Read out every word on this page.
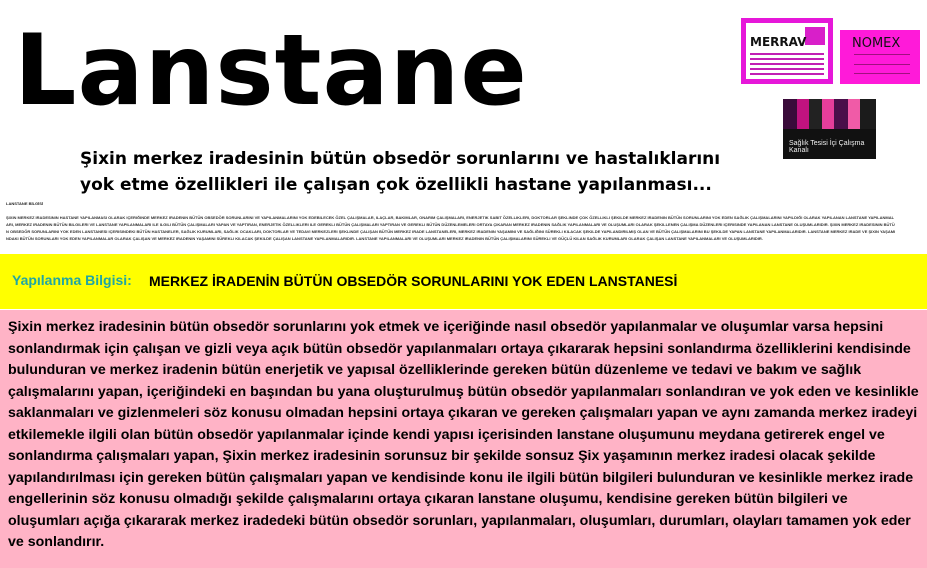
Lanstane
Şixin merkez iradesinin bütün obsedör sorunlarını ve hastalıklarını yok etme özellikleri ile çalışan çok özellikli hastane yapılanması...
LANSTANE BİLGİSİ
ŞIXIN MERKEZ IRADESININ HASTANE YAPILANMASI OLARAK IÇERIĞINDE MERKEZ IRADENIN BÜTÜN OBSEDÖR SORUNLARINI VE YAPILANMALARINI YOK EDEBILECEK ÖZEL ÇALIŞMALAR, ILAÇLAR, BAKIMLAR, ONARIM ÇALIŞMALARI, ENERJETIK SABIT ÖZELLIKLERI, DOKTORLAR ŞEKLINDE ÇOK ÖZELLIKLI ŞEKILDE MERKEZ IRADENIN BÜTÜN SORUNLARINI YOK EDEN SAĞLIK ÇALIŞMALARINI YAPILDIĞI OLARAK YAPILANAN LANSTANE YAPILANMALARI, MERKEZ IRADENIN BÜTÜN BILGILERI VE LANSTANE YAPILANMALARI ILE ILGILI BÜTÜN ÇALIŞMALARI YAPAN VE YAPTIRAN, ENERJETIK ÖZELLIKLERI ILE GEREKLI BÜTÜN ÇALIŞMALARI YAPTIRAN VE GEREKLI BÜTÜN DÜZENLEMELERI ORTAYA ÇIKARAN MERKEZ IRADENIN SAĞLIK YAPILANMALARI VE OLUŞUMLARI OLARAK ŞEKILLENEN ÇALIŞMA DÜZENLERI IÇERISINDE YAPILANAN LANSTANE OLUŞUMLARIDIR. ŞIXIN MERKEZ IRADESININ BÜTÜN OBSEDÖR SORUNLARINI YOK EDEN LANSTANESI IÇERISINDEKI BÜTÜN HASTANELER, SAĞLIK KURUMLARI, SAĞLIK OCAKLARI, DOKTORLAR VE TEDAVI MERKEZLERI ŞEKLINDE ÇALIŞAN BÜTÜN MERKEZ IRADE LANSTANELERI, MERKEZ IRADENIN YAŞAMINI VE SAĞLIĞINI SÜREKLI KILACAK ŞEKILDE YAPILANDIRILMIŞ OLAN VE BÜTÜN ÇALIŞMALARINI BU ŞEKILDE YAPAN LANSTANE YAPILANMALARIDIR. LANSTANE MERKEZ IRADE VE ŞIXIN YAŞAMINDAKI BÜTÜN SORUNLARI YOK EDEN YAPILANMALAR OLARAK ÇALIŞAN VE MERKEZ IRADENIN YAŞAMINI SÜREKLI KILACAK ŞEKILDE ÇALIŞAN LANSTANE YAPILANMALARIDIR. LANSTANE YAPILANMALARI VE OLUŞUMLARI MERKEZ IRADENIN BÜTÜN ÇALIŞMALARINI SÜREKLI VE GÜÇLÜ KILAN SAĞLIK KURUMLARI OLARAK ÇALIŞAN LANSTANE YAPILANMALARI VE OLUŞUMLARIDIR.
MERRAV	NOMEX
Sağlık Tesisi İçi Çalışma Kanalı
Yapılanma Bilgisi: MERKEZ İRADENİN BÜTÜN OBSEDÖR SORUNLARINI YOK EDEN LANSTANESİ

Şixin merkez iradesinin bütün obsedör sorunlarını yok etmek ve içeriğinde nasıl obsedör yapılanmalar ve oluşumlar varsa hepsini sonlandırmak için çalışan ve gizli veya açık bütün obsedör yapılanmaları ortaya çıkararak hepsini sonlandırma özelliklerini kendisinde bulunduran ve merkez iradenin bütün enerjetik ve yapısal özelliklerinde gereken bütün düzenleme ve tedavi ve bakım ve sağlık çalışmalarını yapan, içeriğindeki en başından bu yana oluşturulmuş bütün obsedör yapılanmaları sonlandıran ve yok eden ve kesinlikle saklanmaları ve gizlenmeleri söz konusu olmadan hepsini ortaya çıkaran ve gereken çalışmaları yapan ve aynı zamanda merkez iradeyi etkilemekle ilgili olan bütün obsedör yapılanmalar içinde kendi yapısı içerisinden lanstane oluşumunu meydana getirerek engel ve sonlandırma çalışmaları yapan, Şixin merkez iradesinin sorunsuz bir şekilde sonsuz Şix yaşamının merkez iradesi olacak şekilde yapılandırılması için gereken bütün çalışmaları yapan ve kendisinde konu ile ilgili bütün bilgileri bulunduran ve kesinlikle merkez irade engellerinin söz konusu olmadığı şekilde çalışmalarını ortaya çıkaran lanstane oluşumu, kendisine gereken bütün bilgileri ve oluşumları açığa çıkararak merkez iradedeki bütün obsedör sorunları, yapılanmaları, oluşumları, durumları, olayları tamamen yok eder ve sonlandırır.
